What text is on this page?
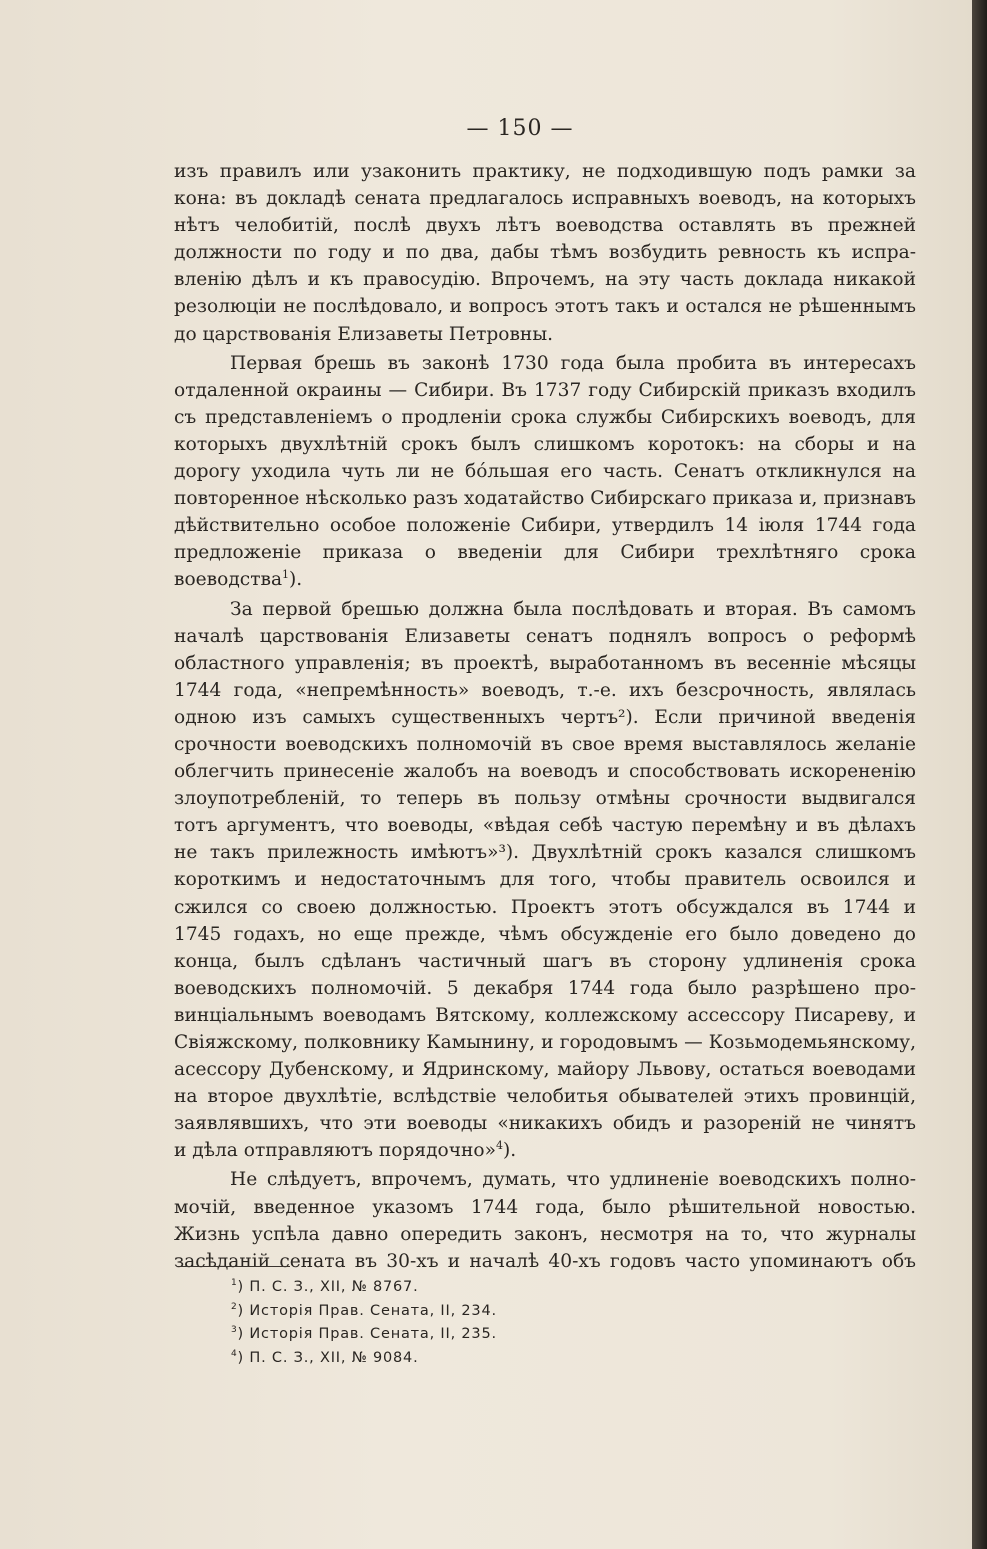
— 150 —

изъ правилъ или узаконить практику, не подходившую подъ рамки за

кона: въ докладѣ сената предлагалось исправныхъ воеводъ, на которыхъ

нѣтъ челобитій, послѣ двухъ лѣтъ воеводства оставлять въ прежней

должности по году и по два, дабы тѣмъ возбудить ревность къ испра-

вленію дѣлъ и къ правосудію. Впрочемъ, на эту часть доклада никакой

резолюціи не послѣдовало, и вопросъ этотъ такъ и остался не рѣшеннымъ

до царствованія Елизаветы Петровны.

Первая брешь въ законѣ 1730 года была пробита въ интересахъ

отдаленной окраины — Сибири. Въ 1737 году Сибирскій приказъ входилъ

съ представленіемъ о продленіи срока службы Сибирскихъ воеводъ, для

которыхъ двухлѣтній срокъ былъ слишкомъ коротокъ: на сборы и на

дорогу уходила чуть ли не бо́льшая его часть. Сенатъ откликнулся на

повторенное нѣсколько разъ ходатайство Сибирскаго приказа и, признавъ

дѣйствительно особое положеніе Сибири, утвердилъ 14 іюля 1744 года

предложеніе приказа о введеніи для Сибири трехлѣтняго срока

воеводства$^1$).

За первой брешью должна была послѣдовать и вторая. Въ самомъ

началѣ царствованія Елизаветы сенатъ поднялъ вопросъ о реформѣ

областного управленія; въ проектѣ, выработанномъ въ весенніе мѣсяцы

1744 года, «непремѣнность» воеводъ, т.-е. ихъ безсрочность, являлась

одною изъ самыхъ существенныхъ чертъ²). Если причиной введенія

срочности воеводскихъ полномочій въ свое время выставлялось желаніе

облегчить принесеніе жалобъ на воеводъ и способствовать искорененію

злоупотребленій, то теперь въ пользу отмѣны срочности выдвигался

тотъ аргументъ, что воеводы, «вѣдая себѣ частую перемѣну и въ дѣлахъ

не такъ прилежность имѣютъ»³). Двухлѣтній срокъ казался слишкомъ

короткимъ и недостаточнымъ для того, чтобы правитель освоился и

сжился со своею должностью. Проектъ этотъ обсуждался въ 1744 и

1745 годахъ, но еще прежде, чѣмъ обсужденіе его было доведено до

конца, былъ сдѣланъ частичный шагъ въ сторону удлиненія срока

воеводскихъ полномочій. 5 декабря 1744 года было разрѣшено про-

винціальнымъ воеводамъ Вятскому, коллежскому ассессору Писареву, и

Свіяжскому, полковнику Камынину, и городовымъ — Козьмодемьянскому,

асессору Дубенскому, и Ядринскому, майору Львову, остаться воеводами

на второе двухлѣтіе, вслѣдствіе челобитья обывателей этихъ провинцій,

заявлявшихъ, что эти воеводы «никакихъ обидъ и разореній не чинятъ

и дѣла отправляютъ порядочно»$^4$).

Не слѣдуетъ, впрочемъ, думать, что удлиненіе воеводскихъ полно-

мочій, введенное указомъ 1744 года, было рѣшительной новостью.

Жизнь успѣла давно опередить законъ, несмотря на то, что журналы

засѣданій сената въ 30-хъ и началѣ 40-хъ годовъ часто упоминаютъ объ

$^1$) П. С. З., XII, № 8767.
$^2$) Исторія Прав. Сената, II, 234.
$^3$) Исторія Прав. Сената, II, 235.
$^4$) П. С. З., XII, № 9084.
